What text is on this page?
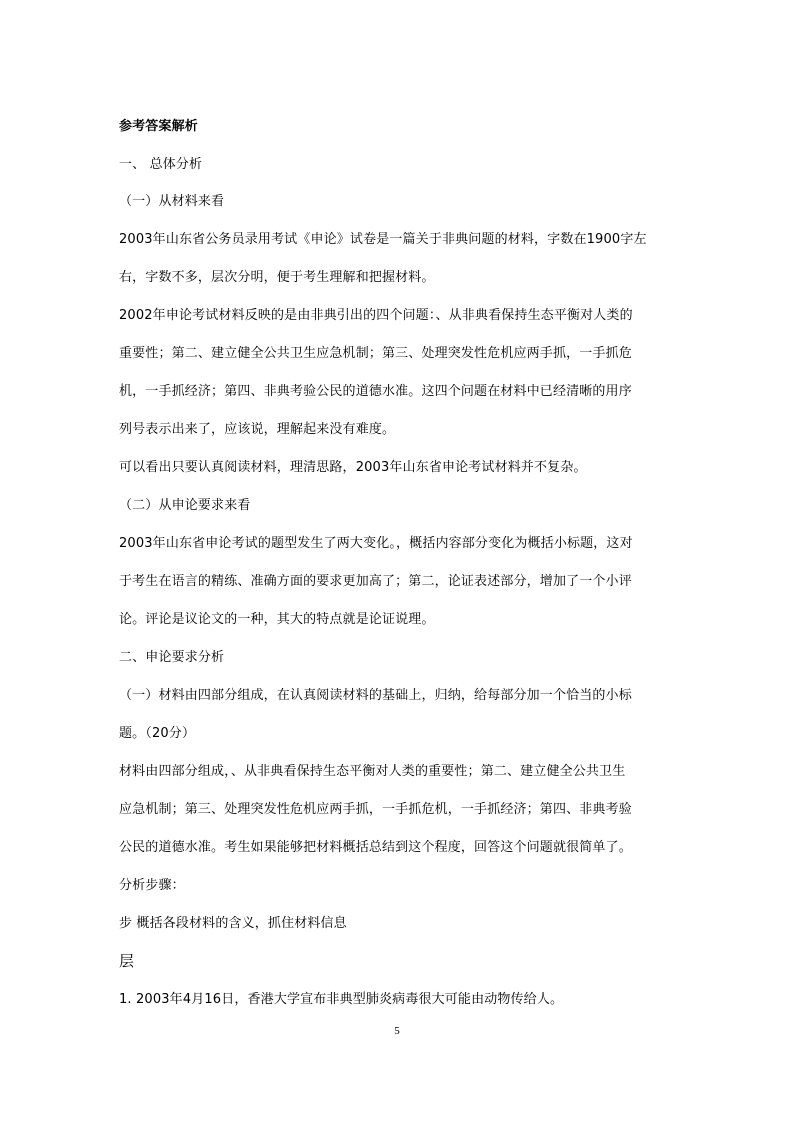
参考答案解析
一、 总体分析
（一）从材料来看
2003年山东省公务员录用考试《申论》试卷是一篇关于非典问题的材料，字数在1900字左
右，字数不多，层次分明，便于考生理解和把握材料。
2002年申论考试材料反映的是由非典引出的四个问题：、从非典看保持生态平衡对人类的
重要性；第二、建立健全公共卫生应急机制；第三、处理突发性危机应两手抓，一手抓危
机，一手抓经济；第四、非典考验公民的道德水准。这四个问题在材料中已经清晰的用序
列号表示出来了，应该说，理解起来没有难度。
可以看出只要认真阅读材料，理清思路，2003年山东省申论考试材料并不复杂。
（二）从申论要求来看
2003年山东省申论考试的题型发生了两大变化。，概括内容部分变化为概括小标题，这对
于考生在语言的精练、准确方面的要求更加高了；第二，论证表述部分，增加了一个小评
论。评论是议论文的一种，其大的特点就是论证说理。
二、申论要求分析
（一）材料由四部分组成，在认真阅读材料的基础上，归纳，给每部分加一个恰当的小标
题。（20分）
材料由四部分组成，、从非典看保持生态平衡对人类的重要性；第二、建立健全公共卫生
应急机制；第三、处理突发性危机应两手抓，一手抓危机，一手抓经济；第四、非典考验
公民的道德水准。考生如果能够把材料概括总结到这个程度，回答这个问题就很简单了。
分析步骤：
步 概括各段材料的含义，抓住材料信息
层
1. 2003年4月16日，香港大学宣布非典型肺炎病毒很大可能由动物传给人。
5
